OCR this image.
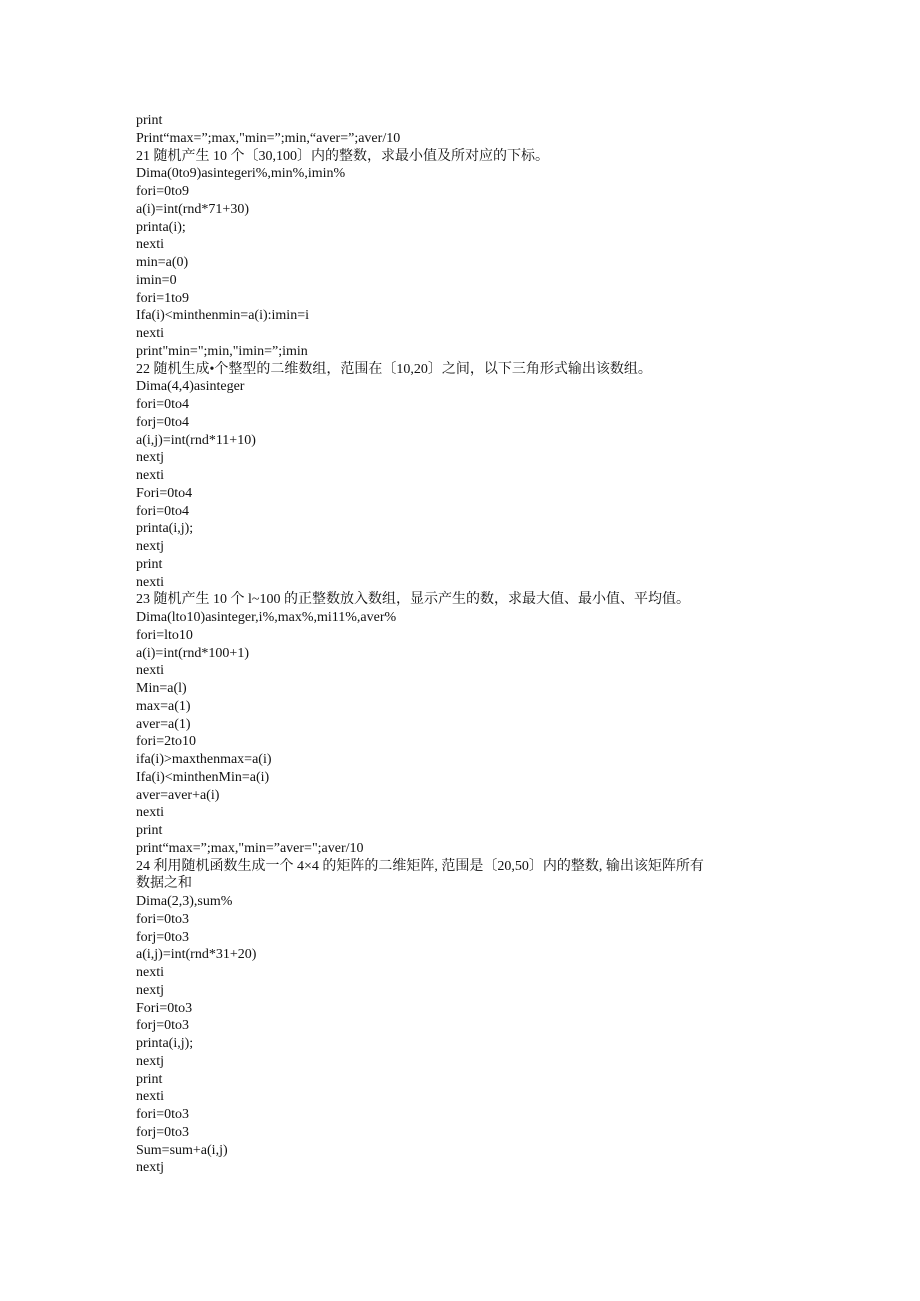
print
Print“max=”;max,"min=”;min,“aver=”;aver/10
21 随机产生 10 个〔30,100〕内的整数，求最小值及所对应的下标。
Dima(0to9)asintegeri%,min%,imin%
fori=0to9
a(i)=int(rnd*71+30)
printa(i);
nexti
min=a(0)
imin=0
fori=1to9
Ifa(i)<minthenmin=a(i):imin=i
nexti
print"min=";min,"imin=”;imin
22 随机生成•个整型的二维数组，范围在〔10,20〕之间，以下三角形式输出该数组。
Dima(4,4)asinteger
fori=0to4
forj=0to4
a(i,j)=int(rnd*11+10)
nextj
nexti
Fori=0to4
fori=0to4
printa(i,j);
nextj
print
nexti
23 随机产生 10 个 l~100 的正整数放入数组，显示产生的数，求最大值、最小值、平均值。
Dima(lto10)asinteger,i%,max%,mi11%,aver%
fori=lto10
a(i)=int(rnd*100+1)
nexti
Min=a(l)
max=a(1)
aver=a(1)
fori=2to10
ifa(i)>maxthenmax=a(i)
Ifa(i)<minthenMin=a(i)
aver=aver+a(i)
nexti
print
print“max=”;max,"min=”aver=";aver/10
24 利用随机函数生成一个 4×4 的矩阵的二维矩阵, 范围是〔20,50〕内的整数, 输出该矩阵所有
数据之和
Dima(2,3),sum%
fori=0to3
forj=0to3
a(i,j)=int(rnd*31+20)
nexti
nextj
Fori=0to3
forj=0to3
printa(i,j);
nextj
print
nexti
fori=0to3
forj=0to3
Sum=sum+a(i,j)
nextj
